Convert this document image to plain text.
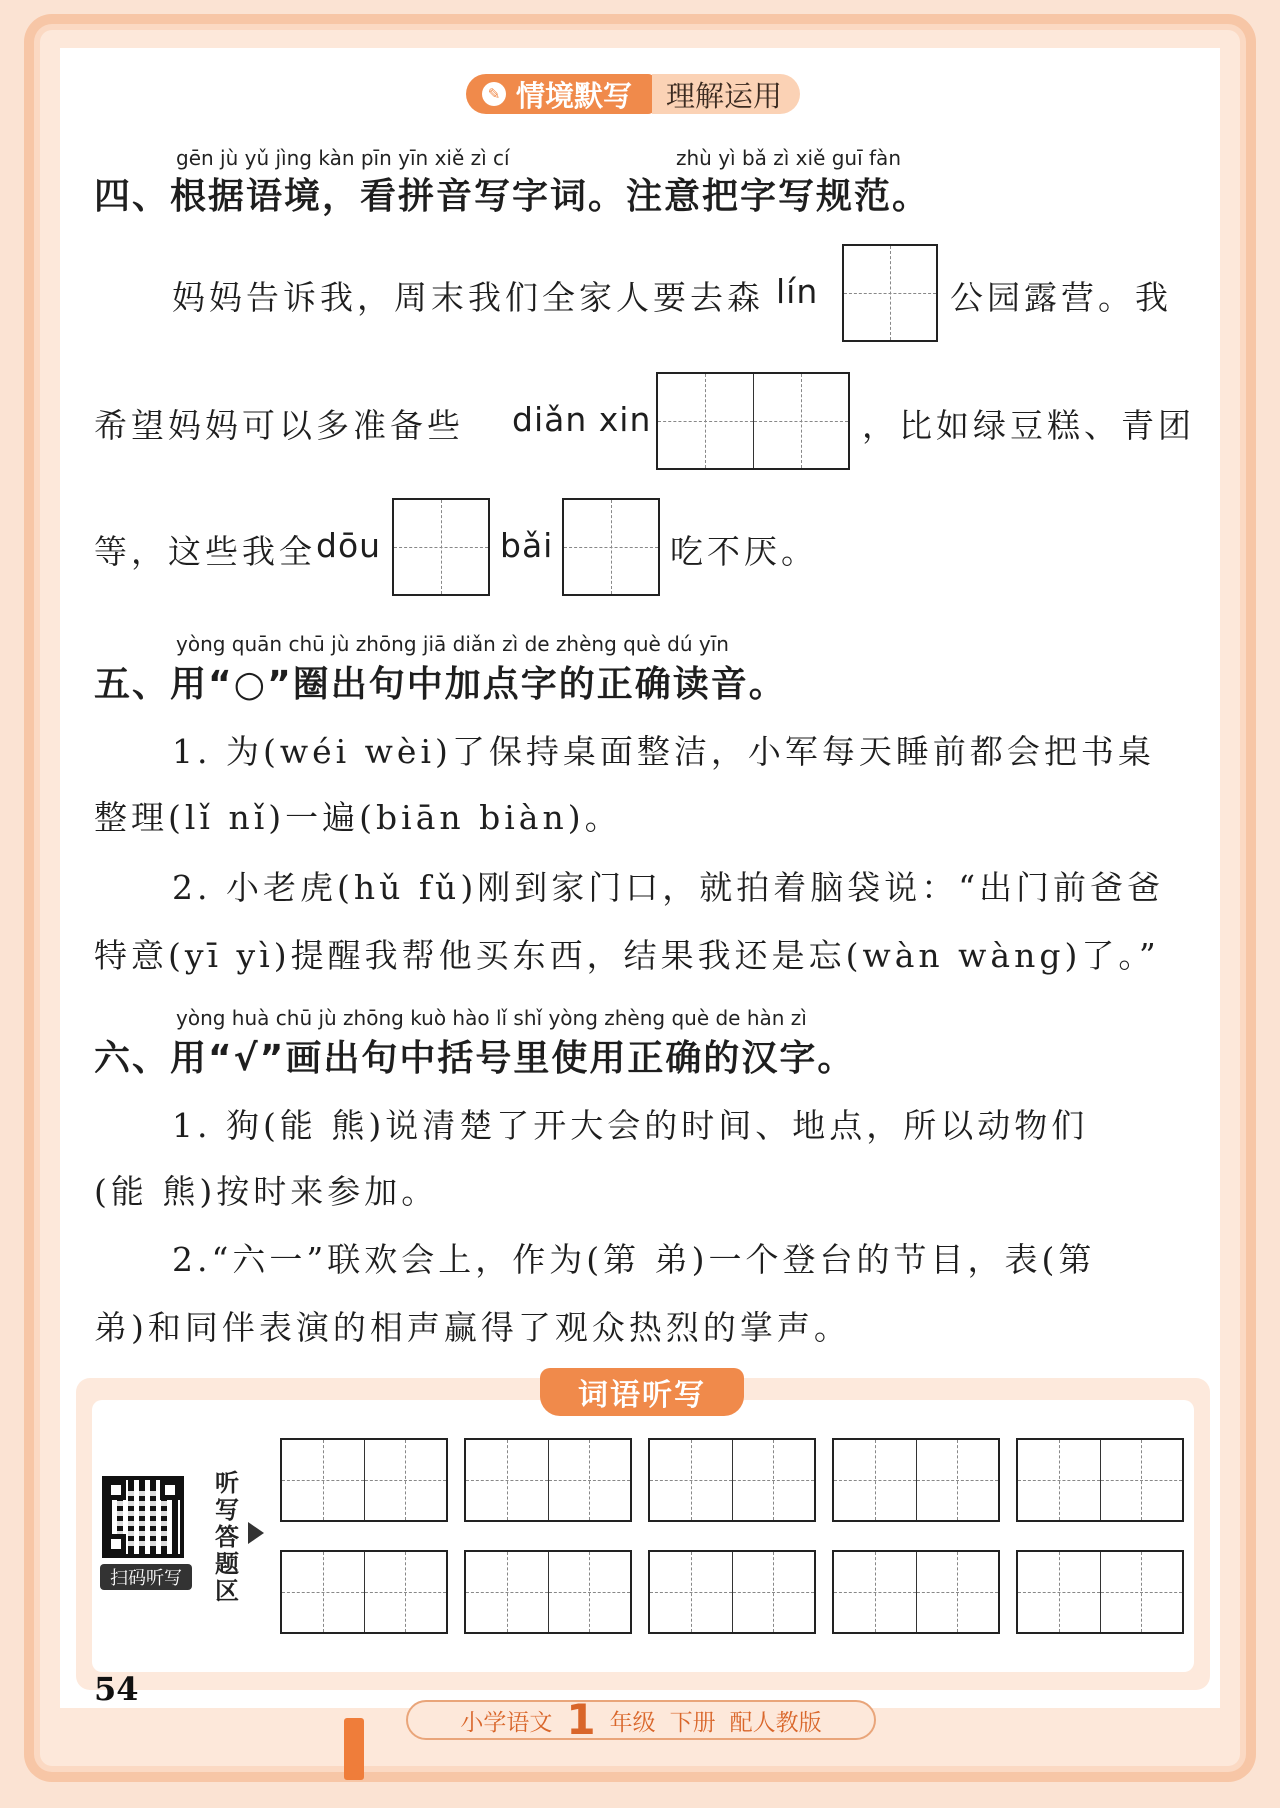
✎ 情境默写	理解运用
gēn jù yǔ jìng kàn pīn yīn xiě zì cí	zhù yì bǎ zì xiě guī fàn
四、根据语境，看拼音写字词。注意把字写规范。
妈妈告诉我，周末我们全家人要去森 lín	公园露营。我
希望妈妈可以多准备些 diǎn xin	，比如绿豆糕、青团
等，这些我全 dōu	bǎi	吃不厌。
yòng quān chū jù zhōng jiā diǎn zì de zhèng què dú yīn
五、用“○”圈出句中加点字的正确读音。
1. 为(wéi wèi)了保持桌面整洁，小军每天睡前都会把书桌
整理(lǐ nǐ)一遍(biān biàn)。
2. 小老虎(hǔ fǔ)刚到家门口，就拍着脑袋说：“出门前爸爸
特意(yī yì)提醒我帮他买东西，结果我还是忘(wàn wàng)了。”
yòng huà chū jù zhōng kuò hào lǐ shǐ yòng zhèng què de hàn zì
六、用“√”画出句中括号里使用正确的汉字。
1. 狗(能 熊)说清楚了开大会的时间、地点，所以动物们
(能 熊)按时来参加。
2.“六一”联欢会上，作为(第 弟)一个登台的节目，表(第
弟)和同伴表演的相声赢得了观众热烈的掌声。
词语听写
扫码听写
听写答题区
54
小学语文 1 年级 下册 配人教版
